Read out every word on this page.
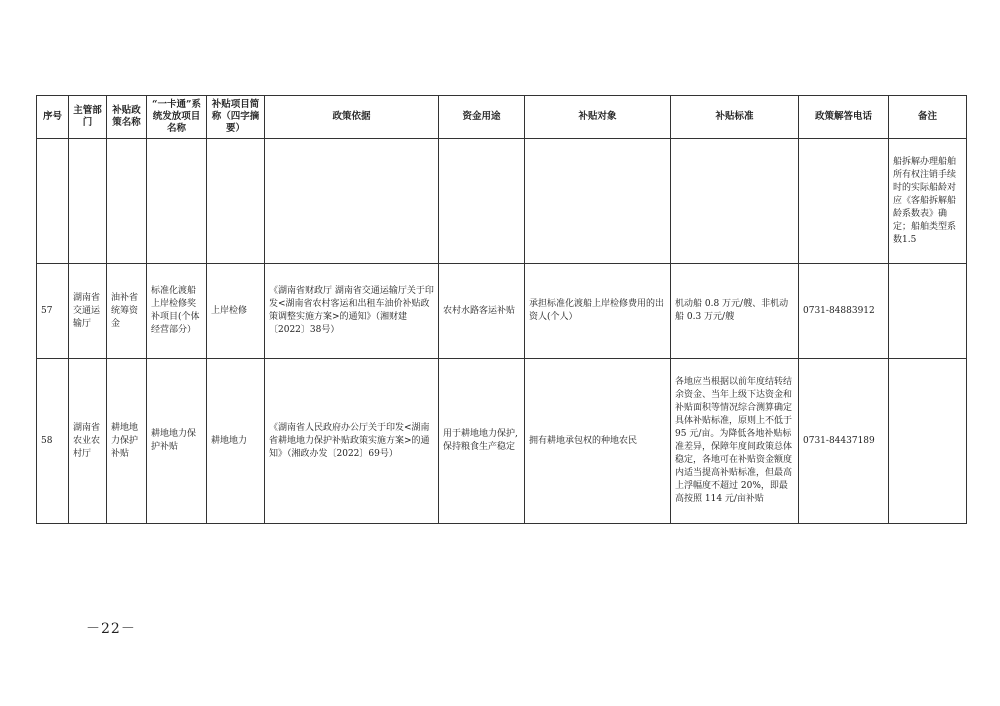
序号	主管部门	补贴政策名称	“一卡通”系统发放项目名称	补贴项目简称（四字摘要）	政策依据	资金用途	补贴对象	补贴标准	政策解答电话	备注
										船拆解办理船舶所有权注销手续时的实际船龄对应《客船拆解船龄系数表》确定；船舶类型系数1.5
57	湖南省交通运输厅	油补省统筹资金	标准化渡船上岸检修奖补项目(个体经营部分）	上岸检修	《湖南省财政厅 湖南省交通运输厅关于印发<湖南省农村客运和出租车油价补贴政策调整实施方案>的通知》（湘财建〔2022〕38号）	农村水路客运补贴	承担标准化渡船上岸检修费用的出资人(个人）	机动船 0.8 万元/艘、非机动船 0.3 万元/艘	0731-84883912	
58	湖南省农业农村厅	耕地地力保护补贴	耕地地力保护补贴	耕地地力	《湖南省人民政府办公厅关于印发<湖南省耕地地力保护补贴政策实施方案>的通知》（湘政办发〔2022〕69号）	用于耕地地力保护,保持粮食生产稳定	拥有耕地承包权的种地农民	各地应当根据以前年度结转结余资金、当年上级下达资金和补贴面积等情况综合测算确定具体补贴标准，原则上不低于 95 元/亩。为降低各地补贴标准差异，保障年度间政策总体稳定，各地可在补贴资金额度内适当提高补贴标准，但最高上浮幅度不超过 20%，即最高按照 114 元/亩补贴	0731-84437189	
－22－
